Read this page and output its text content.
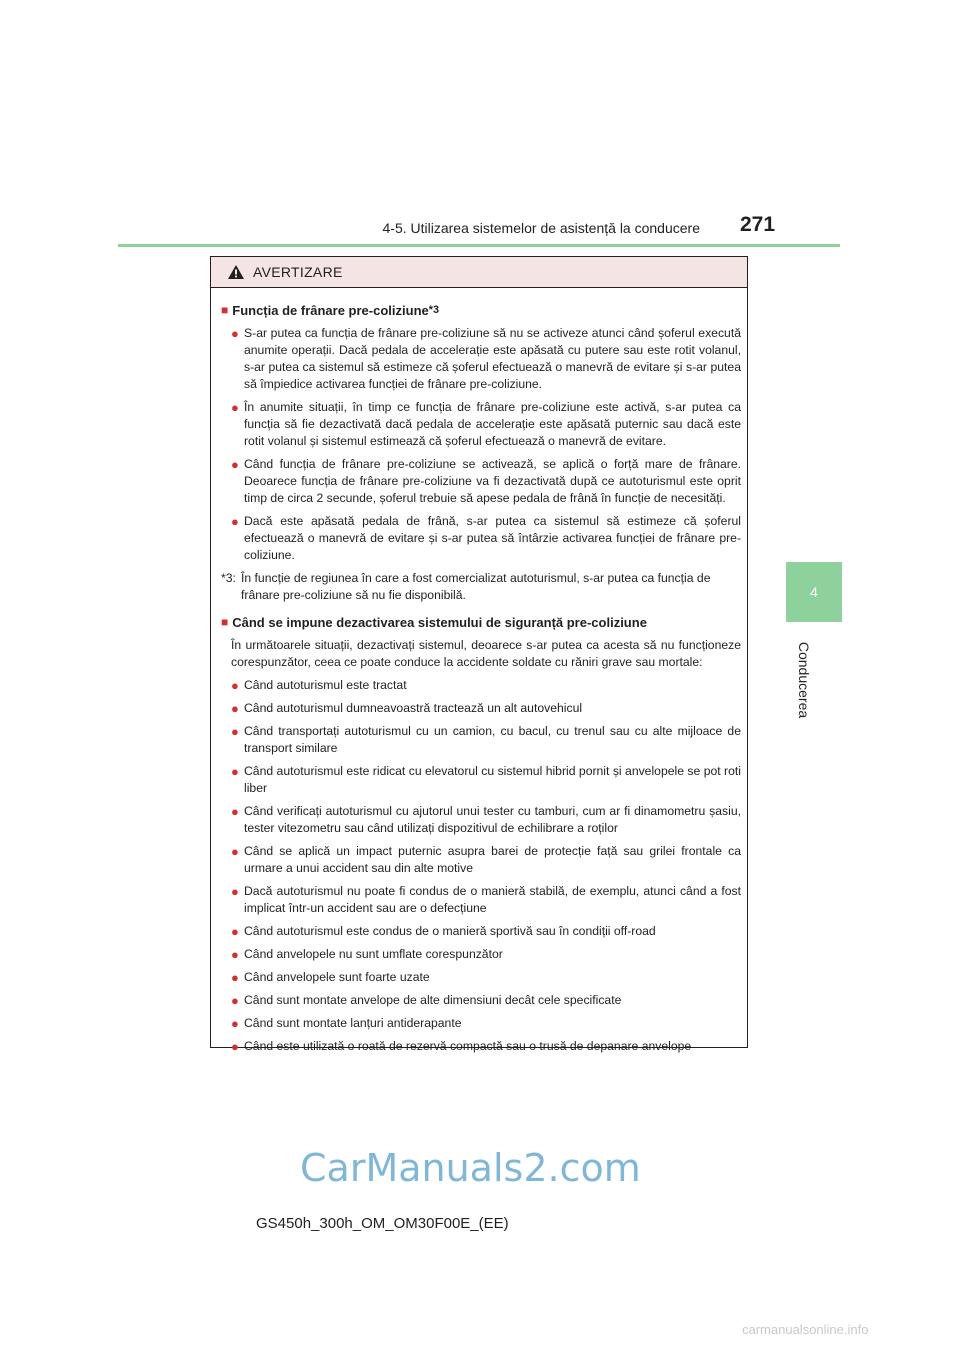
4-5. Utilizarea sistemelor de asistență la conducere 271
4
Conducerea
AVERTIZARE
■ Funcția de frânare pre-coliziune *3
● S-ar putea ca funcția de frânare pre-coliziune să nu se activeze atunci când șoferul execută anumite operații. Dacă pedala de accelerație este apăsată cu putere sau este rotit volanul, s-ar putea ca sistemul să estimeze că șoferul efectuează o manevră de evitare și s-ar putea să împiedice activarea funcției de frânare pre-coliziune.
● În anumite situații, în timp ce funcția de frânare pre-coliziune este activă, s-ar putea ca funcția să fie dezactivată dacă pedala de accelerație este apăsată puternic sau dacă este rotit volanul și sistemul estimează că șoferul efectuează o manevră de evitare.
● Când funcția de frânare pre-coliziune se activează, se aplică o forță mare de frânare. Deoarece funcția de frânare pre-coliziune va fi dezactivată după ce autoturismul este oprit timp de circa 2 secunde, șoferul trebuie să apese pedala de frână în funcție de necesități.
● Dacă este apăsată pedala de frână, s-ar putea ca sistemul să estimeze că șoferul efectuează o manevră de evitare și s-ar putea să întârzie activarea funcției de frânare pre-coliziune.
*3: În funcție de regiunea în care a fost comercializat autoturismul, s-ar putea ca funcția de frânare pre-coliziune să nu fie disponibilă.
■ Când se impune dezactivarea sistemului de siguranță pre-coliziune
În următoarele situații, dezactivați sistemul, deoarece s-ar putea ca acesta să nu funcționeze corespunzător, ceea ce poate conduce la accidente soldate cu răniri grave sau mortale:
● Când autoturismul este tractat
● Când autoturismul dumneavoastră tractează un alt autovehicul
● Când transportați autoturismul cu un camion, cu bacul, cu trenul sau cu alte mijloace de transport similare
● Când autoturismul este ridicat cu elevatorul cu sistemul hibrid pornit și anvelopele se pot roti liber
● Când verificați autoturismul cu ajutorul unui tester cu tamburi, cum ar fi dinamometru șasiu, tester vitezometru sau când utilizați dispozitivul de echilibrare a roților
● Când se aplică un impact puternic asupra barei de protecție față sau grilei frontale ca urmare a unui accident sau din alte motive
● Dacă autoturismul nu poate fi condus de o manieră stabilă, de exemplu, atunci când a fost implicat într-un accident sau are o defecțiune
● Când autoturismul este condus de o manieră sportivă sau în condiții off-road
● Când anvelopele nu sunt umflate corespunzător
● Când anvelopele sunt foarte uzate
● Când sunt montate anvelope de alte dimensiuni decât cele specificate
● Când sunt montate lanțuri antiderapante
● Când este utilizată o roată de rezervă compactă sau o trusă de depanare anvelope
GS450h_300h_OM_OM30F00E_(EE)
CarManuals2.com
carmanualsonline.info
